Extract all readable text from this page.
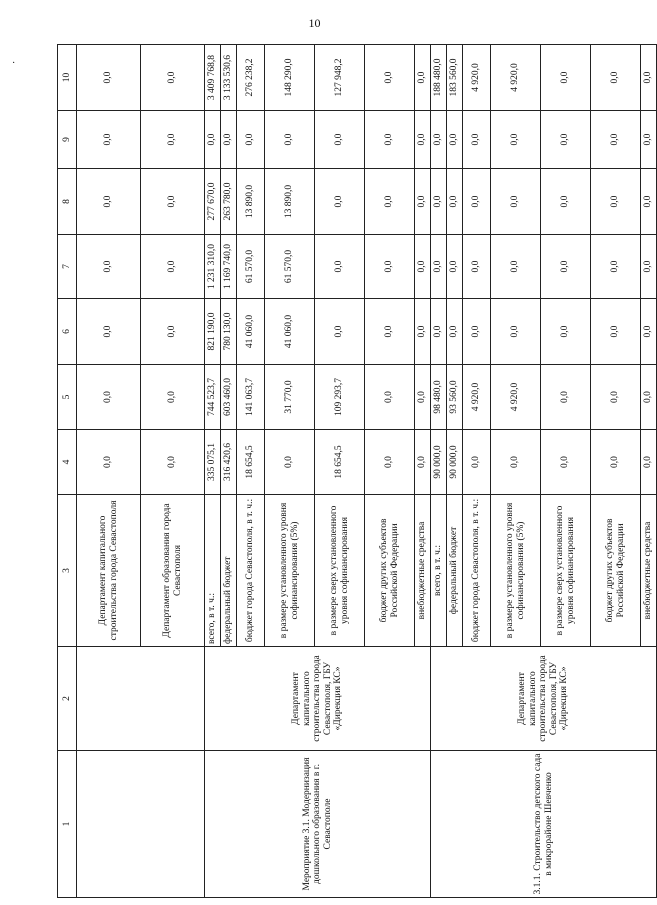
10
·
1	2	3	4	5	6	7	8	9	10
		Департамент капитального строительства города Севастополя	0,0	0,0	0,0	0,0	0,0	0,0	0,0
		Департамент образования города Севастополя	0,0	0,0	0,0	0,0	0,0	0,0	0,0
Мероприятие 3.1. Модернизация дошкольного образования в г. Севастополе	Департамент капитального строительства города Севастополя, ГБУ «Дирекция КС»	всего, в т. ч.:	335 075,1	744 523,7	821 190,0	1 231 310,0	277 670,0	0,0	3 409 768,8
		федеральный бюджет	316 420,6	603 460,0	780 130,0	1 169 740,0	263 780,0	0,0	3 133 530,6
		бюджет города Севастополя, в т. ч.:	18 654,5	141 063,7	41 060,0	61 570,0	13 890,0	0,0	276 238,2
		в размере установленного уровня софинансирования (5%)	0,0	31 770,0	41 060,0	61 570,0	13 890,0	0,0	148 290,0
		в размере сверх установленного уровня софинансирования	18 654,5	109 293,7	0,0	0,0	0,0	0,0	127 948,2
		бюджет других субъектов Российской Федерации	0,0	0,0	0,0	0,0	0,0	0,0	0,0
		внебюджетные средства	0,0	0,0	0,0	0,0	0,0	0,0	0,0
3.1.1. Строительство детского сада в микрорайоне Шевченко	Департамент капитального строительства города Севастополя, ГБУ «Дирекция КС»	всего, в т. ч.:	90 000,0	98 480,0	0,0	0,0	0,0	0,0	188 480,0
		федеральный бюджет	90 000,0	93 560,0	0,0	0,0	0,0	0,0	183 560,0
		бюджет города Севастополя, в т. ч.:	0,0	4 920,0	0,0	0,0	0,0	0,0	4 920,0
		в размере установленного уровня софинансирования (5%)	0,0	4 920,0	0,0	0,0	0,0	0,0	4 920,0
		в размере сверх установленного уровня софинансирования	0,0	0,0	0,0	0,0	0,0	0,0	0,0
		бюджет других субъектов Российской Федерации	0,0	0,0	0,0	0,0	0,0	0,0	0,0
		внебюджетные средства	0,0	0,0	0,0	0,0	0,0	0,0	0,0
